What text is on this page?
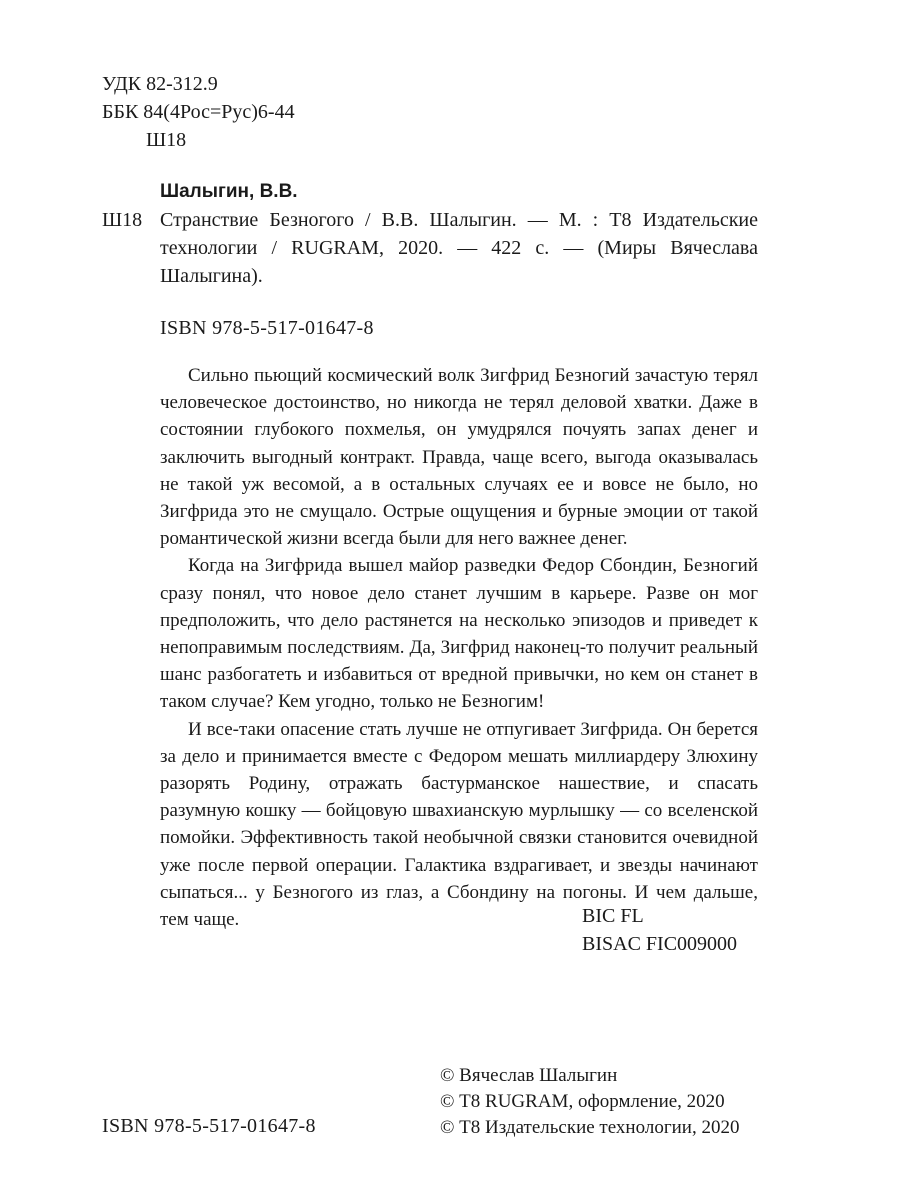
УДК 82-312.9
ББК 84(4Рос=Рус)6-44
Ш18
Шалыгин, В.В.
Ш18 Странствие Безногого / В.В. Шалыгин. — М. : Т8 Издательские технологии / RUGRAM, 2020. — 422 с. — (Миры Вячеслава Шалыгина).

ISBN 978-5-517-01647-8

Сильно пьющий космический волк Зигфрид Безногий зачастую терял человеческое достоинство, но никогда не терял деловой хватки. Даже в состоянии глубокого похмелья, он умудрялся почуять запах денег и заключить выгодный контракт. Правда, чаще всего, выгода оказывалась не такой уж весомой, а в остальных случаях ее и вовсе не было, но Зигфрида это не смущало. Острые ощущения и бурные эмоции от такой романтической жизни всегда были для него важнее денег.

Когда на Зигфрида вышел майор разведки Федор Сбондин, Безногий сразу понял, что новое дело станет лучшим в карьере. Разве он мог предположить, что дело растянется на несколько эпизодов и приведет к непоправимым последствиям. Да, Зигфрид наконец-то получит реальный шанс разбогатеть и избавиться от вредной привычки, но кем он станет в таком случае? Кем угодно, только не Безногим!

И все-таки опасение стать лучше не отпугивает Зигфрида. Он берется за дело и принимается вместе с Федором мешать миллиардеру Злюхину разорять Родину, отражать бастурманское нашествие, и спасать разумную кошку — бойцовую швахианскую мурлышку — со вселенской помойки. Эффективность такой необычной связки становится очевидной уже после первой операции. Галактика вздрагивает, и звезды начинают сыпаться... у Безногого из глаз, а Сбондину на погоны. И чем дальше, тем чаще.	BIC FL
BISAC FIC009000
© Вячеслав Шалыгин
© Т8 RUGRAM, оформление, 2020
© Т8 Издательские технологии, 2020
ISBN 978-5-517-01647-8
